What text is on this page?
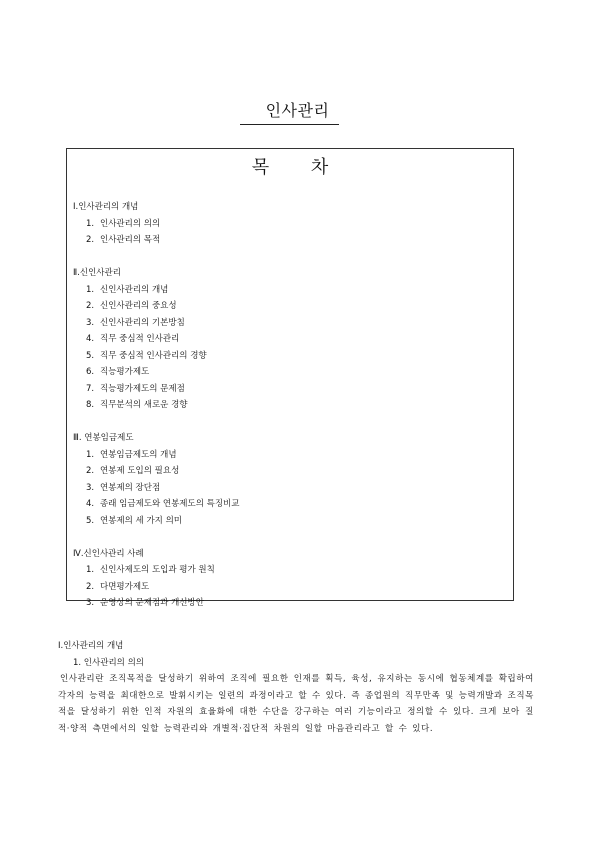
인사관리
목 차
Ⅰ.인사관리의 개념
1. 인사관리의 의의
2. 인사관리의 목적
Ⅱ.신인사관리
1. 신인사관리의 개념
2. 신인사관리의 중요성
3. 신인사관리의 기본방침
4. 직무 중심적 인사관리
5. 직무 중심적 인사관리의 경향
6. 직능평가제도
7. 직능평가제도의 문제점
8. 직무분석의 새로운 경향
Ⅲ. 연봉임금제도
1. 연봉임금제도의 개념
2. 연봉제 도입의 필요성
3. 연봉제의 장단점
4. 종래 임금제도와 연봉제도의 특징비교
5. 연봉제의 세 가지 의미
Ⅳ.신인사관리 사례
1. 신인사제도의 도입과 평가 원칙
2. 다면평가제도
3. 운영상의 문제점과 개선방안
Ⅰ.인사관리의 개념
1. 인사관리의 의의
인사관리란 조직목적을 달성하기 위하여 조직에 필요한 인재를 획득, 육성, 유지하는 동시에 협동체계를 확립하여 각자의 능력을 최대한으로 발휘시키는 일련의 과정이라고 할 수 있다. 즉 종업원의 직무만족 및 능력개발과 조직목적을 달성하기 위한 인적 자원의 효율화에 대한 수단을 강구하는 여러 기능이라고 정의할 수 있다. 크게 보아 질적·양적 측면에서의 일할 능력관리와 개별적·집단적 차원의 일할 마음관리라고 할 수 있다.
